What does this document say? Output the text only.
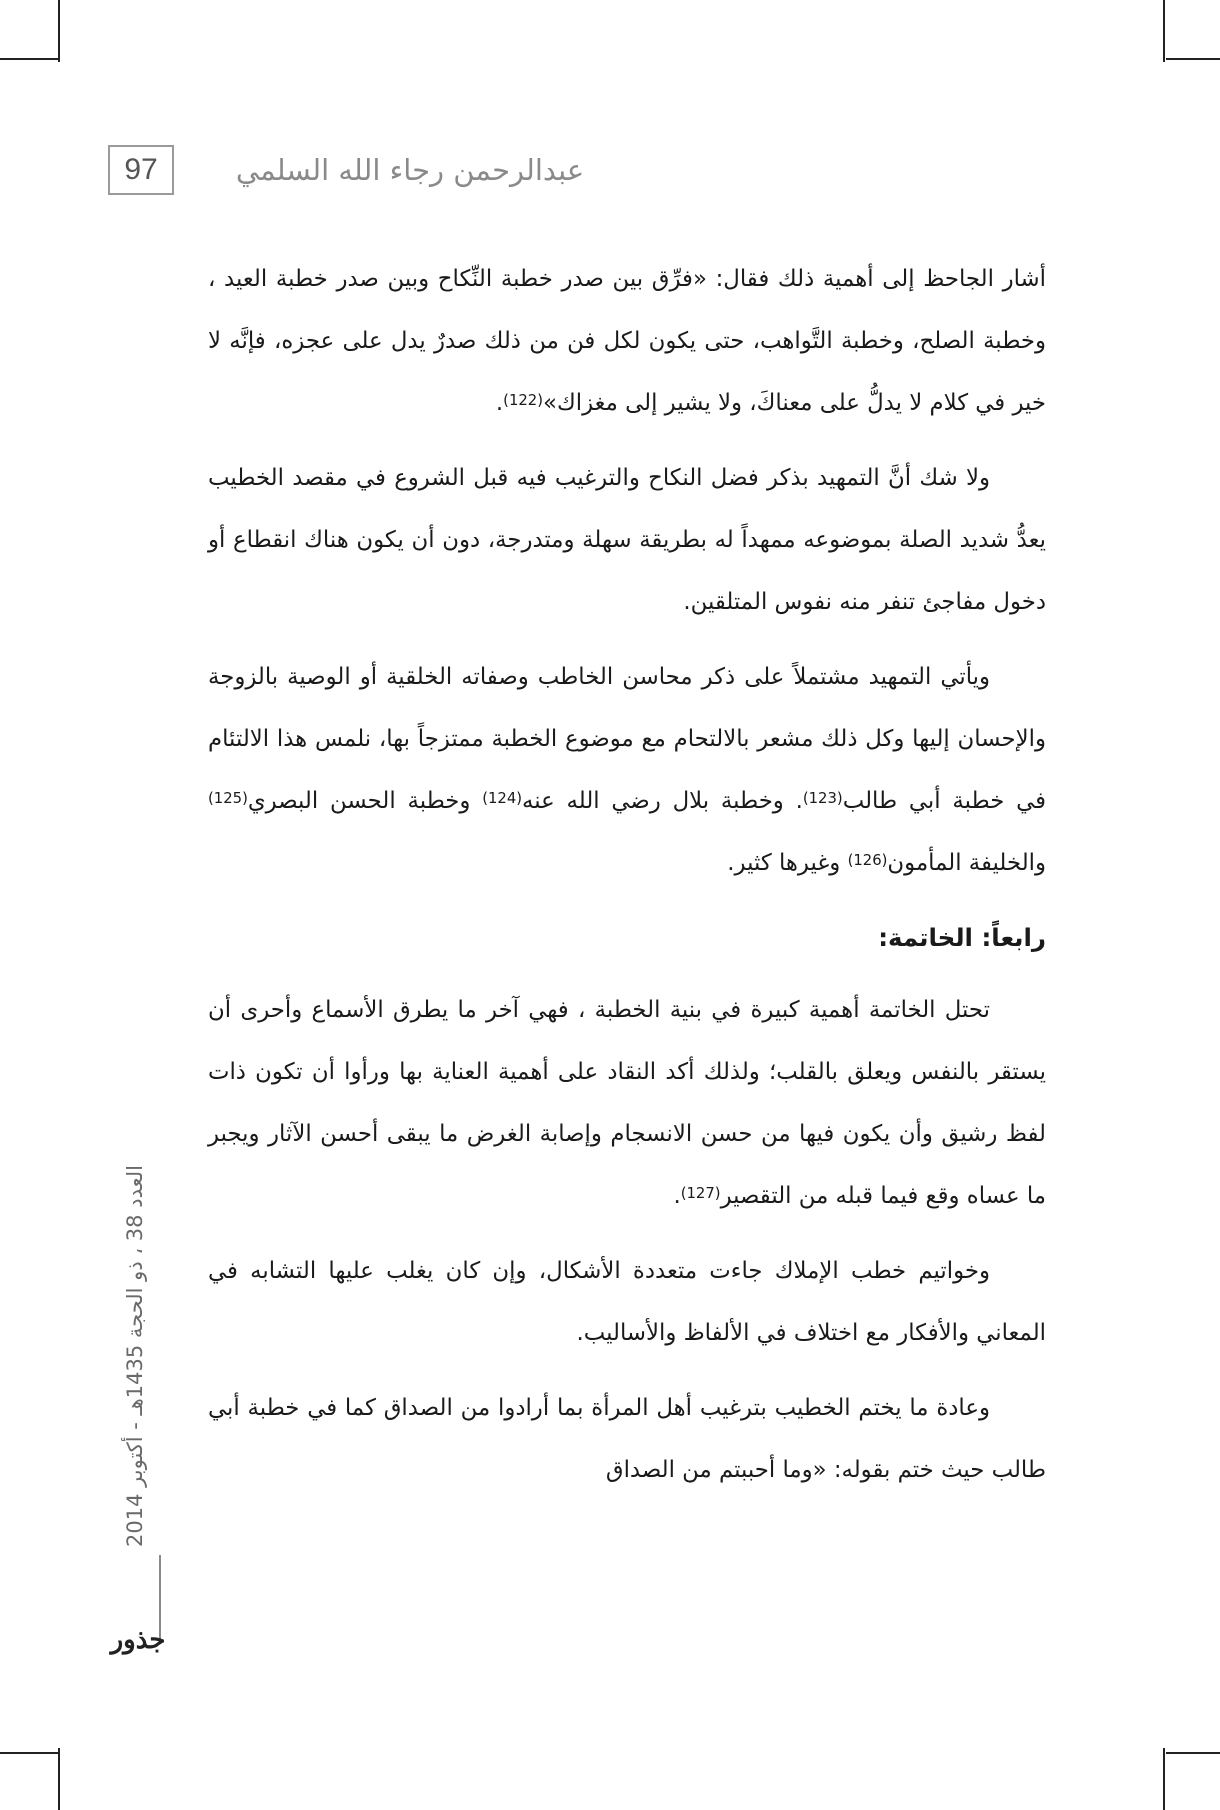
97	عبدالرحمن رجاء الله السلمي

أشار الجاحظ إلى أهمية ذلك فقال: «فرِّق بين صدر خطبة النِّكاح وبين صدر خطبة العيد ، وخطبة الصلح، وخطبة التَّواهب، حتى يكون لكل فن من ذلك صدرٌ يدل على عجزه، فإنَّه لا خير في كلام لا يدلُّ على معناكَ، ولا يشير إلى مغزاك»$^{(122)}$.

ولا شك أنَّ التمهيد بذكر فضل النكاح والترغيب فيه قبل الشروع في مقصد الخطيب يعدُّ شديد الصلة بموضوعه ممهداً له بطريقة سهلة ومتدرجة، دون أن يكون هناك انقطاع أو دخول مفاجئ تنفر منه نفوس المتلقين.

ويأتي التمهيد مشتملاً على ذكر محاسن الخاطب وصفاته الخلقية أو الوصية بالزوجة والإحسان إليها وكل ذلك مشعر بالالتحام مع موضوع الخطبة ممتزجاً بها، نلمس هذا الالتئام في خطبة أبي طالب$^{(123)}$. وخطبة بلال رضي الله عنه$^{(124)}$ وخطبة الحسن البصري$^{(125)}$ والخليفة المأمون$^{(126)}$ وغيرها كثير.

رابعاً: الخاتمة:

تحتل الخاتمة أهمية كبيرة في بنية الخطبة ، فهي آخر ما يطرق الأسماع وأحرى أن يستقر بالنفس ويعلق بالقلب؛ ولذلك أكد النقاد على أهمية العناية بها ورأوا أن تكون ذات لفظ رشيق وأن يكون فيها من حسن الانسجام وإصابة الغرض ما يبقى أحسن الآثار ويجبر ما عساه وقع فيما قبله من التقصير$^{(127)}$.

وخواتيم خطب الإملاك جاءت متعددة الأشكال، وإن كان يغلب عليها التشابه في المعاني والأفكار مع اختلاف في الألفاظ والأساليب.

وعادة ما يختم الخطيب بترغيب أهل المرأة بما أرادوا من الصداق كما في خطبة أبي طالب حيث ختم بقوله: «وما أحببتم من الصداق

العدد 38 ، ذو الحجة 1435هـ - أكتوبر 2014
جذور
